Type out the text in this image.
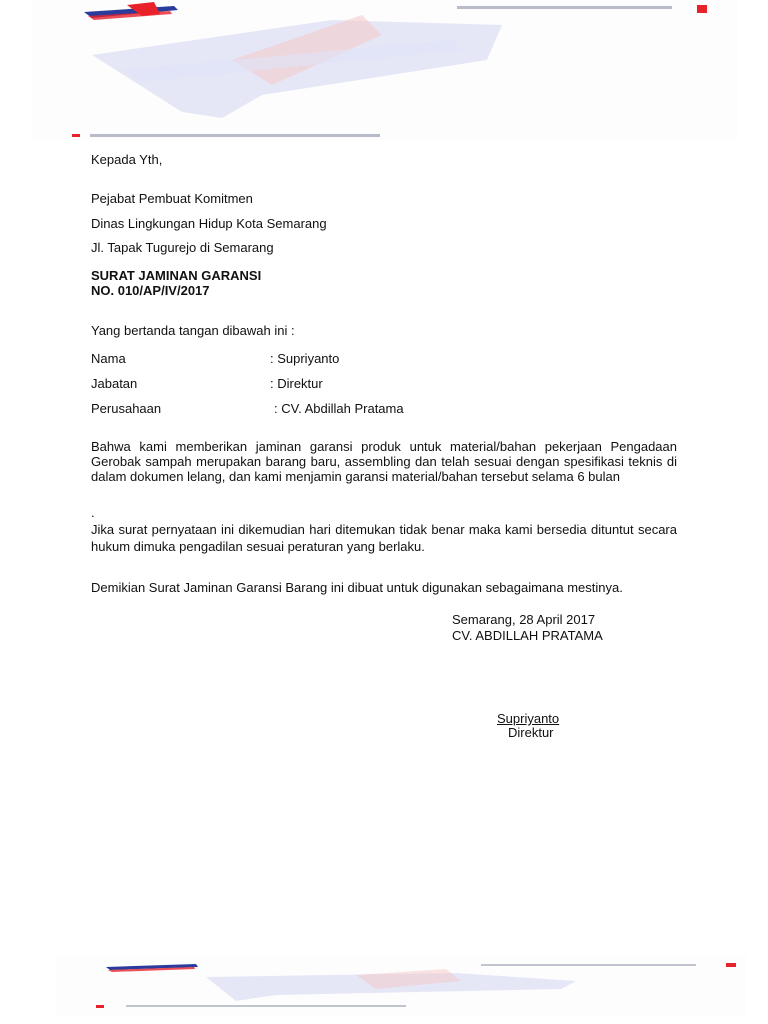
Kepada Yth,
Pejabat Pembuat Komitmen
Dinas Lingkungan Hidup Kota Semarang
Jl. Tapak Tugurejo di Semarang
SURAT JAMINAN GARANSI
NO. 010/AP/IV/2017
Yang bertanda tangan dibawah ini :
Nama	: Supriyanto
Jabatan	: Direktur
Perusahaan	: CV. Abdillah Pratama
Bahwa kami memberikan jaminan garansi produk untuk material/bahan pekerjaan Pengadaan Gerobak sampah merupakan barang baru, assembling dan telah sesuai dengan spesifikasi teknis di dalam dokumen lelang, dan kami menjamin garansi material/bahan tersebut selama 6 bulan
.
Jika surat pernyataan ini dikemudian hari ditemukan tidak benar maka kami bersedia dituntut secara hukum dimuka pengadilan sesuai peraturan yang berlaku.
Demikian Surat Jaminan Garansi Barang ini dibuat untuk digunakan sebagaimana mestinya.
Semarang, 28 April 2017
CV. ABDILLAH PRATAMA
Supriyanto
Direktur
